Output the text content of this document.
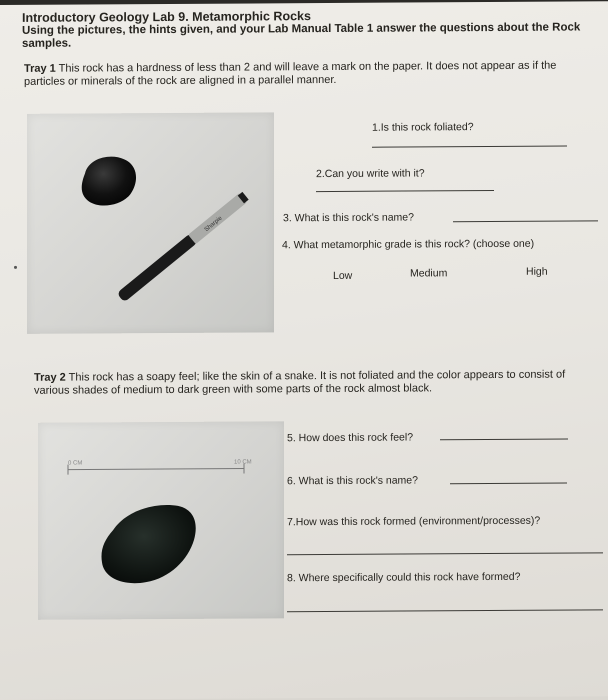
Introductory Geology Lab 9. Metamorphic Rocks
Using the pictures, the hints given, and your Lab Manual Table 1 answer the questions about the Rock samples.
Tray 1 This rock has a hardness of less than 2 and will leave a mark on the paper. It does not appear as if the particles or minerals of the rock are aligned in a parallel manner.
Sharpie
1.Is this rock foliated?
2.Can you write with it?
3. What is this rock's name?
4. What metamorphic grade is this rock? (choose one)
Low	Medium	High
Tray 2 This rock has a soapy feel; like the skin of a snake. It is not foliated and the color appears to consist of various shades of medium to dark green with some parts of the rock almost black.
0 CM	10 CM
5. How does this rock feel?
6. What is this rock's name?
7.How was this rock formed (environment/processes)?
8. Where specifically could this rock have formed?
